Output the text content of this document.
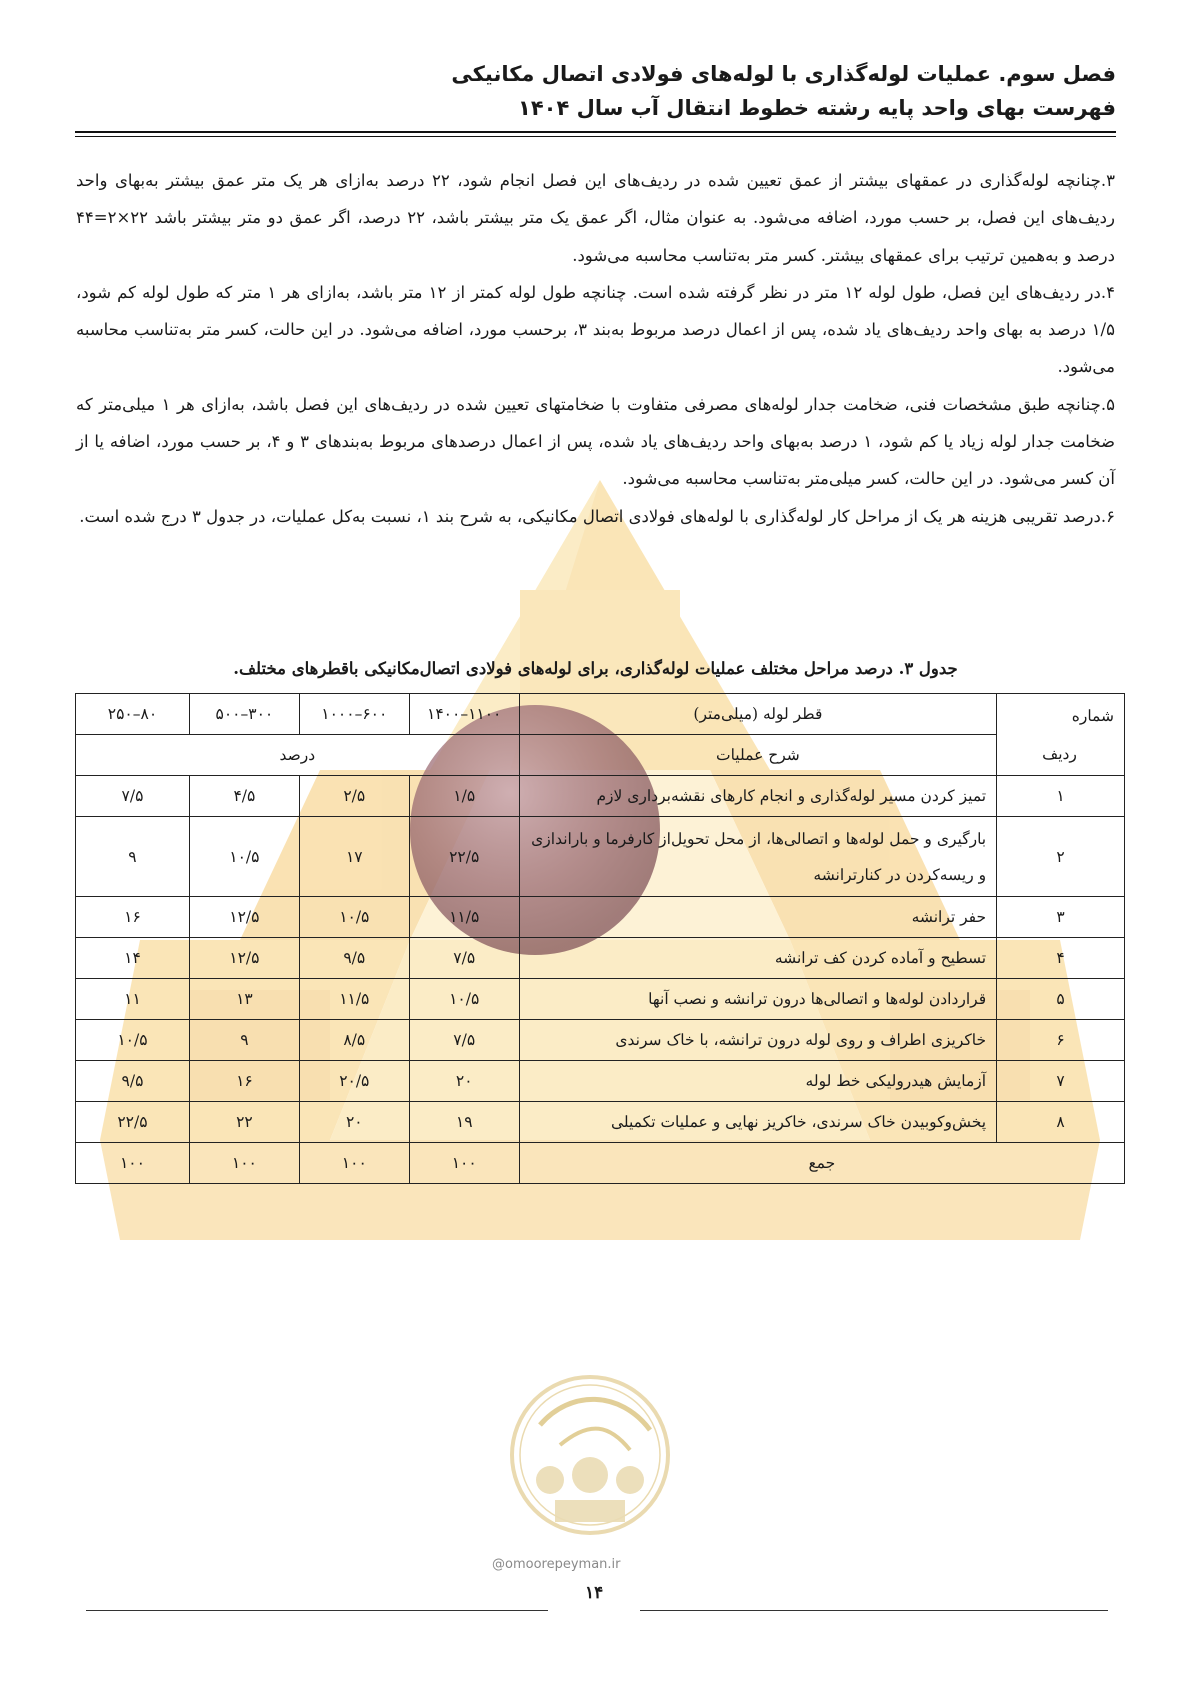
فصل سوم. عملیات لوله‌گذاری با لوله‌های فولادی اتصال مکانیکی
فهرست بهای واحد پایه رشته خطوط انتقال آب سال ۱۴۰۴

۳.چنانچه لوله‌گذاری در عمقهای بیشتر از عمق تعیین شده در ردیف‌های این فصل انجام شود، ۲۲ درصد به‌ازای هر یک متر عمق بیشتر به‌بهای واحد ردیف‌های این فصل، بر حسب مورد، اضافه می‌شود. به عنوان مثال، اگر عمق یک متر بیشتر باشد، ۲۲ درصد، اگر عمق دو متر بیشتر باشد ۲۲×۲=۴۴ درصد و به‌همین ترتیب برای عمقهای بیشتر. کسر متر به‌تناسب محاسبه می‌شود.

۴.در ردیف‌های این فصل، طول لوله ۱۲ متر در نظر گرفته شده است. چنانچه طول لوله کمتر از ۱۲ متر باشد، به‌ازای هر ۱ متر که طول لوله کم شود، ۱/۵ درصد به بهای واحد ردیف‌های یاد شده، پس از اعمال درصد مربوط به‌بند ۳، برحسب مورد، اضافه می‌شود. در این حالت، کسر متر به‌تناسب محاسبه می‌شود.

۵.چنانچه طبق مشخصات فنی، ضخامت جدار لوله‌های مصرفی متفاوت با ضخامتهای تعیین شده در ردیف‌های این فصل باشد، به‌ازای هر ۱ میلی‌متر که ضخامت جدار لوله زیاد یا کم شود، ۱ درصد به‌بهای واحد ردیف‌های یاد شده، پس از اعمال درصدهای مربوط به‌بندهای ۳ و ۴، بر حسب مورد، اضافه یا از آن کسر می‌شود. در این حالت، کسر میلی‌متر به‌تناسب محاسبه می‌شود.

۶.درصد تقریبی هزینه هر یک از مراحل کار لوله‌گذاری با لوله‌های فولادی اتصال مکانیکی، به شرح بند ۱، نسبت به‌کل عملیات، در جدول ۳ درج شده است.

جدول ۳. درصد مراحل مختلف عملیات لوله‌گذاری، برای لوله‌های فولادی اتصال‌مکانیکی باقطرهای مختلف.
شماره
ردیف	قطر لوله (میلی‌متر)	۱۱۰۰–۱۴۰۰	۶۰۰–۱۰۰۰	۳۰۰–۵۰۰	۸۰–۲۵۰
	شرح عملیات	درصد			
۱	تمیز کردن مسیر لوله‌گذاری و انجام کارهای نقشه‌برداری لازم	۱/۵	۲/۵	۴/۵	۷/۵
۲	بارگیری و حمل لوله‌ها و اتصالی‌ها، از محل تحویل‌از کارفرما و باراندازی و ریسه‌کردن در کنارترانشه	۲۲/۵	۱۷	۱۰/۵	۹
۳	حفر ترانشه	۱۱/۵	۱۰/۵	۱۲/۵	۱۶
۴	تسطیح و آماده کردن کف ترانشه	۷/۵	۹/۵	۱۲/۵	۱۴
۵	قراردادن لوله‌ها و اتصالی‌ها درون ترانشه و نصب آنها	۱۰/۵	۱۱/۵	۱۳	۱۱
۶	خاکریزی اطراف و روی لوله درون ترانشه، با خاک سرندی	۷/۵	۸/۵	۹	۱۰/۵
۷	آزمایش هیدرولیکی خط لوله	۲۰	۲۰/۵	۱۶	۹/۵
۸	پخش‌وکوبیدن خاک سرندی، خاکریز نهایی و عملیات تکمیلی	۱۹	۲۰	۲۲	۲۲/۵
جمع		۱۰۰	۱۰۰	۱۰۰	۱۰۰
@omoorepeyman.ir
۱۴
